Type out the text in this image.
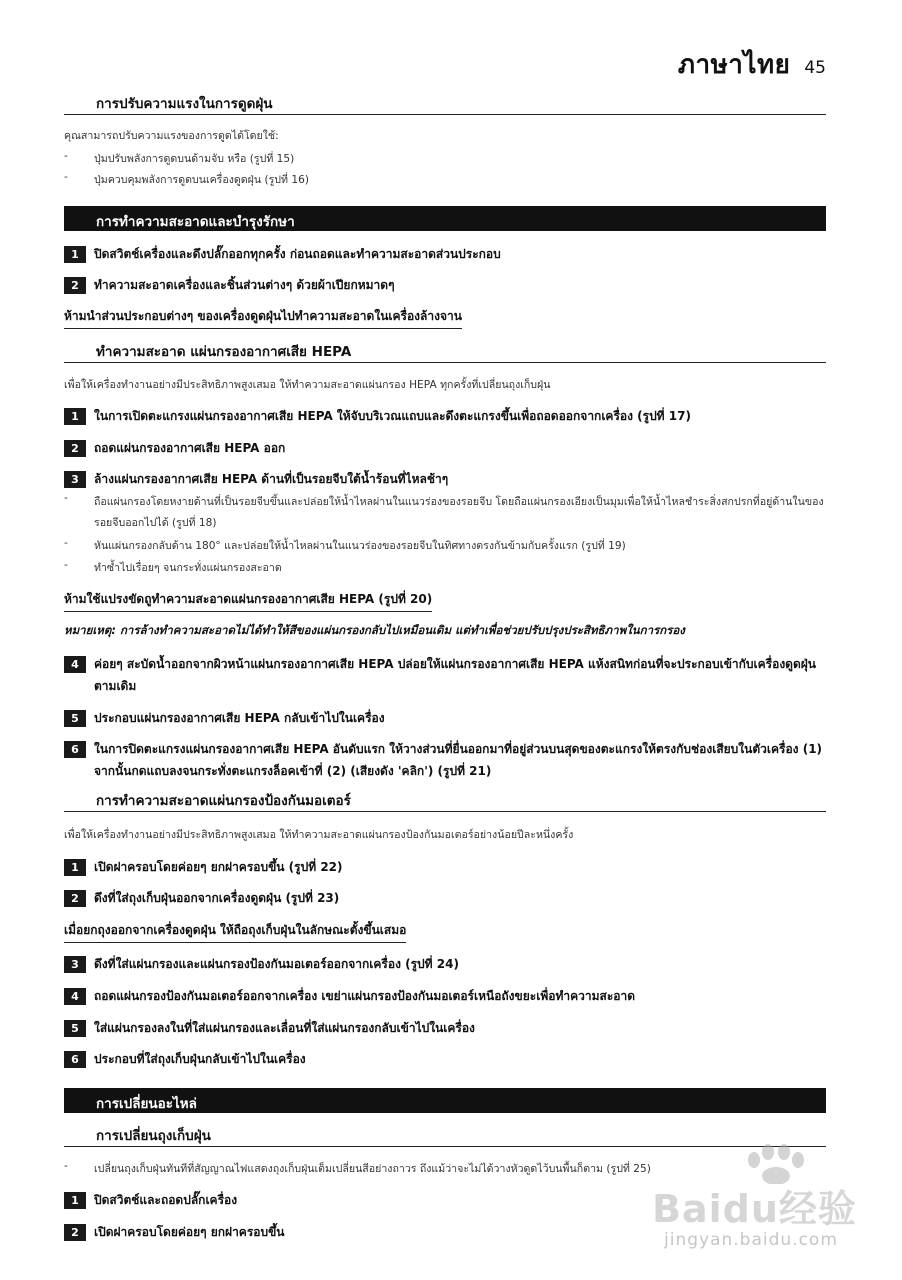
ภาษาไทย 45
การปรับความแรงในการดูดฝุ่น
คุณสามารถปรับความแรงของการดูดได้โดยใช้:
- ปุ่มปรับพลังการดูดบนด้ามจับ หรือ (รูปที่ 15)
- ปุ่มควบคุมพลังการดูดบนเครื่องดูดฝุ่น (รูปที่ 16)
การทำความสะอาดและบำรุงรักษา
1	ปิดสวิตช์เครื่องและดึงปลั๊กออกทุกครั้ง ก่อนถอดและทำความสะอาดส่วนประกอบ
2	ทำความสะอาดเครื่องและชิ้นส่วนต่างๆ ด้วยผ้าเปียกหมาดๆ
ห้ามนำส่วนประกอบต่างๆ ของเครื่องดูดฝุ่นไปทำความสะอาดในเครื่องล้างจาน
ทำความสะอาด แผ่นกรองอากาศเสีย HEPA
เพื่อให้เครื่องทำงานอย่างมีประสิทธิภาพสูงเสมอ ให้ทำความสะอาดแผ่นกรอง HEPA ทุกครั้งที่เปลี่ยนถุงเก็บฝุ่น
1	ในการเปิดตะแกรงแผ่นกรองอากาศเสีย HEPA ให้จับบริเวณแถบและดึงตะแกรงขึ้นเพื่อถอดออกจากเครื่อง (รูปที่ 17)
2	ถอดแผ่นกรองอากาศเสีย HEPA ออก
3	ล้างแผ่นกรองอากาศเสีย HEPA ด้านที่เป็นรอยจีบใต้น้ำร้อนที่ไหลช้าๆ
- ถือแผ่นกรองโดยหงายด้านที่เป็นรอยจีบขึ้นและปล่อยให้น้ำไหลผ่านในแนวร่องของรอยจีบ โดยถือแผ่นกรองเอียงเป็นมุมเพื่อให้น้ำไหลชำระสิ่งสกปรกที่อยู่ด้านในของรอยจีบออกไปได้ (รูปที่ 18)
- หันแผ่นกรองกลับด้าน 180° และปล่อยให้น้ำไหลผ่านในแนวร่องของรอยจีบในทิศทางตรงกันข้ามกับครั้งแรก (รูปที่ 19)
- ทำซ้ำไปเรื่อยๆ จนกระทั่งแผ่นกรองสะอาด
ห้ามใช้แปรงขัดถูทำความสะอาดแผ่นกรองอากาศเสีย HEPA (รูปที่ 20)
หมายเหตุ: การล้างทำความสะอาดไม่ได้ทำให้สีของแผ่นกรองกลับไปเหมือนเดิม แต่ทำเพื่อช่วยปรับปรุงประสิทธิภาพในการกรอง
4	ค่อยๆ สะบัดน้ำออกจากผิวหน้าแผ่นกรองอากาศเสีย HEPA ปล่อยให้แผ่นกรองอากาศเสีย HEPA แห้งสนิทก่อนที่จะประกอบเข้ากับเครื่องดูดฝุ่นตามเดิม
5	ประกอบแผ่นกรองอากาศเสีย HEPA กลับเข้าไปในเครื่อง
6	ในการปิดตะแกรงแผ่นกรองอากาศเสีย HEPA อันดับแรก ให้วางส่วนที่ยื่นออกมาที่อยู่ส่วนบนสุดของตะแกรงให้ตรงกับช่องเสียบในตัวเครื่อง (1) จากนั้นกดแถบลงจนกระทั่งตะแกรงล็อคเข้าที่ (2) (เสียงดัง 'คลิก') (รูปที่ 21)
การทำความสะอาดแผ่นกรองป้องกันมอเตอร์
เพื่อให้เครื่องทำงานอย่างมีประสิทธิภาพสูงเสมอ ให้ทำความสะอาดแผ่นกรองป้องกันมอเตอร์อย่างน้อยปีละหนึ่งครั้ง
1	เปิดฝาครอบโดยค่อยๆ ยกฝาครอบขึ้น (รูปที่ 22)
2	ดึงที่ใส่ถุงเก็บฝุ่นออกจากเครื่องดูดฝุ่น (รูปที่ 23)
เมื่อยกถุงออกจากเครื่องดูดฝุ่น ให้ถือถุงเก็บฝุ่นในลักษณะตั้งขึ้นเสมอ
3	ดึงที่ใส่แผ่นกรองและแผ่นกรองป้องกันมอเตอร์ออกจากเครื่อง (รูปที่ 24)
4	ถอดแผ่นกรองป้องกันมอเตอร์ออกจากเครื่อง เขย่าแผ่นกรองป้องกันมอเตอร์เหนือถังขยะเพื่อทำความสะอาด
5	ใส่แผ่นกรองลงในที่ใส่แผ่นกรองและเลื่อนที่ใส่แผ่นกรองกลับเข้าไปในเครื่อง
6	ประกอบที่ใส่ถุงเก็บฝุ่นกลับเข้าไปในเครื่อง
การเปลี่ยนอะไหล่
การเปลี่ยนถุงเก็บฝุ่น
- เปลี่ยนถุงเก็บฝุ่นทันทีที่สัญญาณไฟแสดงถุงเก็บฝุ่นเต็มเปลี่ยนสีอย่างถาวร ถึงแม้ว่าจะไม่ได้วางหัวดูดไว้บนพื้นก็ตาม (รูปที่ 25)
1	ปิดสวิตช์และถอดปลั๊กเครื่อง
2	เปิดฝาครอบโดยค่อยๆ ยกฝาครอบขึ้น
Baidu经验
jingyan.baidu.com
